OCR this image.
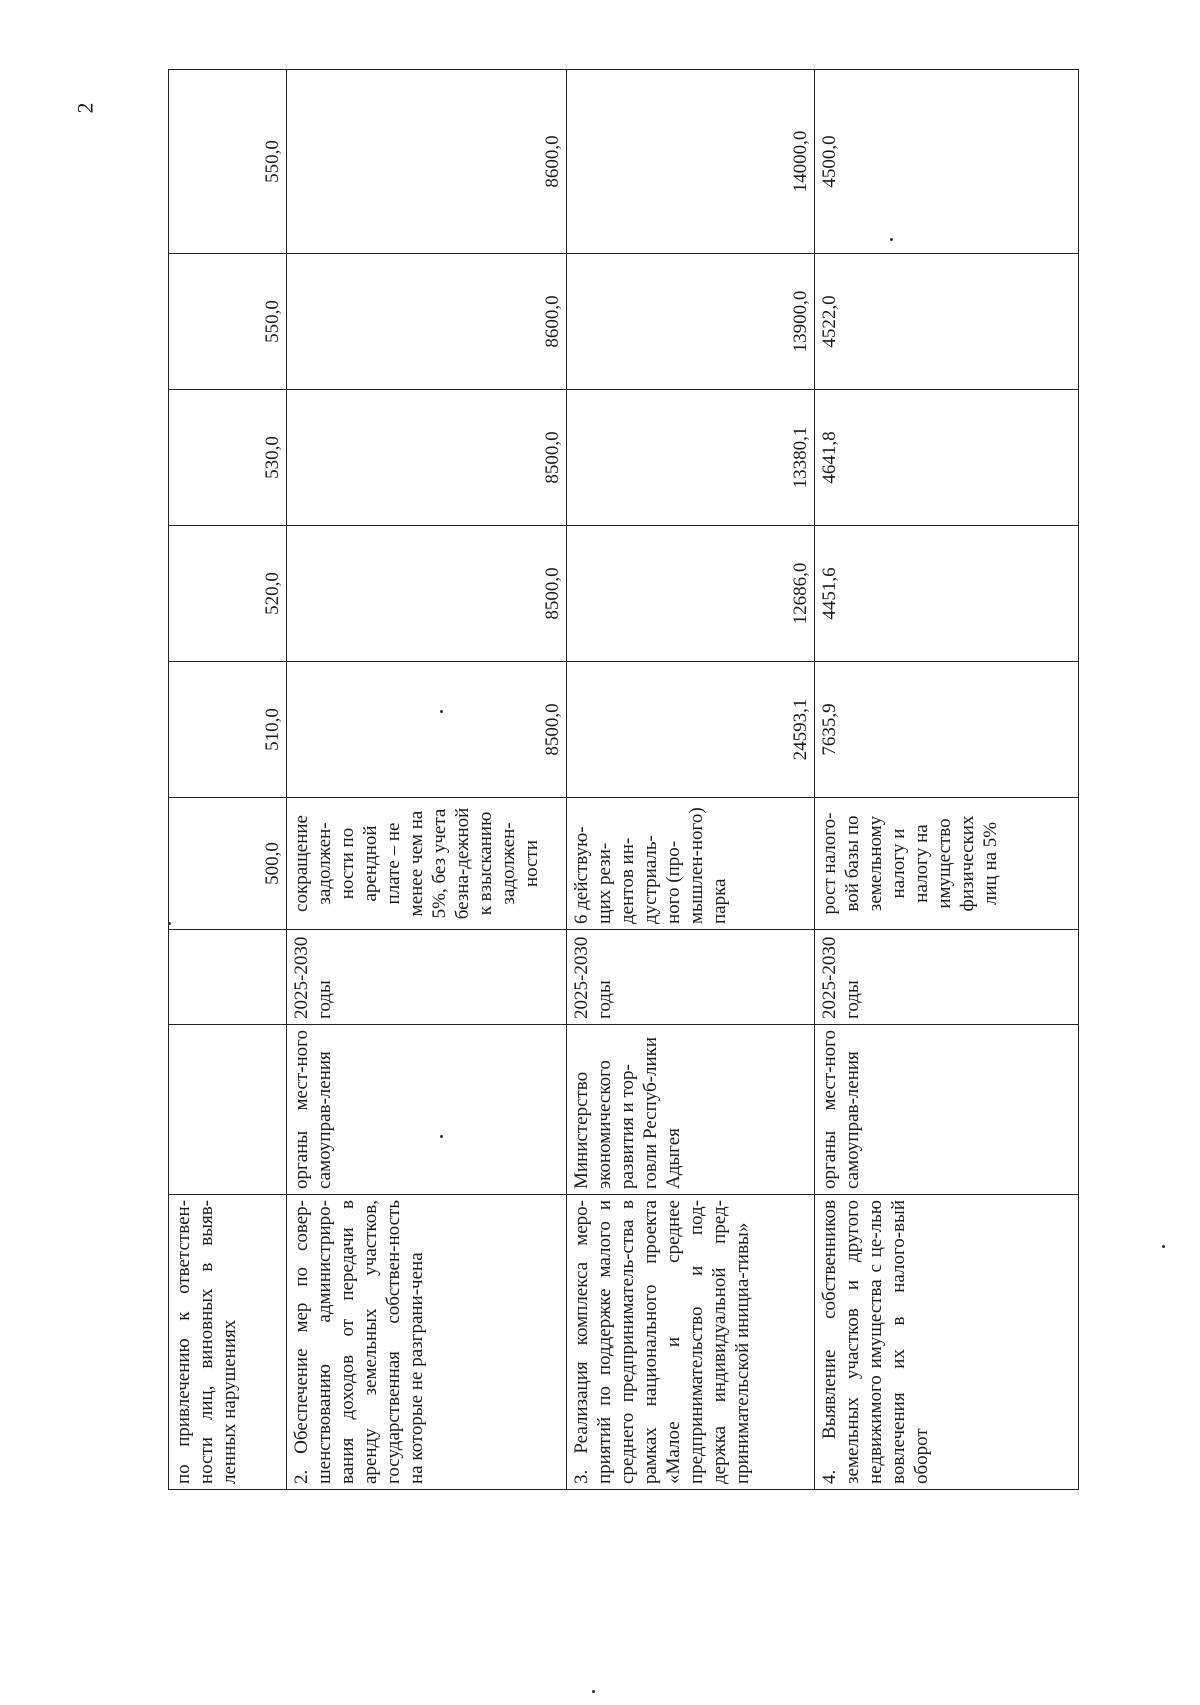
2
по привлечению к ответствен-ности лиц, виновных в выяв-ленных нарушениях			500,0	510,0	520,0	530,0	550,0	550,0
2. Обеспечение мер по совер-шенствованию администриро-вания доходов от передачи в аренду земельных участков, государственная собствен-ность на которые не разграни-чена	органы мест-ного самоуправ-ления	2025-2030 годы	сокращение задолжен-ности по арендной плате – не менее чем на 5%, без учета безна-дежной к взысканию задолжен-ности	8500,0	8500,0	8500,0	8600,0	8600,0
3. Реализация комплекса меро-приятий по поддержке малого и среднего предприниматель-ства в рамках национального проекта «Малое и среднее предпринимательство и под-держка индивидуальной пред-принимательской инициа-тивы»	Министерство экономического развития и тор-говли Респуб-лики Адыгея	2025-2030 годы	6 действую-щих рези-дентов ин-дустриаль-ного (про-мышлен-ного) парка	24593,1	12686,0	13380,1	13900,0	14000,0
4. Выявление собственников земельных участков и другого недвижимого имущества с це-лью вовлечения их в налого-вый оборот	органы мест-ного самоуправ-ления	2025-2030 годы	рост налого-вой базы по земельному налогу и налогу на имущество физических лиц на 5%	7635,9	4451,6	4641,8	4522,0	4500,0
